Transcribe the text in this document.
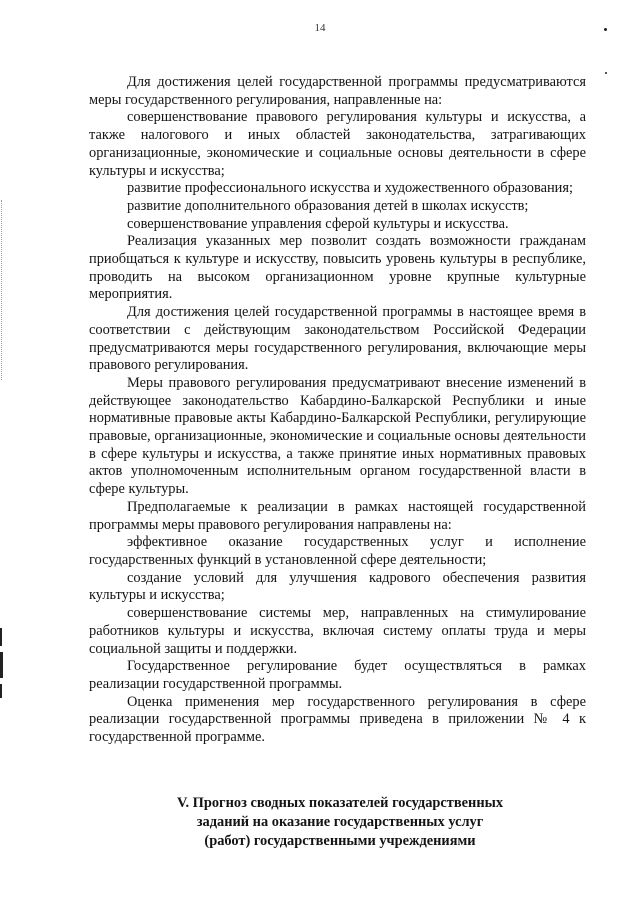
14

Для достижения целей государственной программы предусматриваются меры государственного регулирования, направленные на:

совершенствование правового регулирования культуры и искусства, а также налогового и иных областей законодательства, затрагивающих организационные, экономические и социальные основы деятельности в сфере культуры и искусства;

развитие профессионального искусства и художественного образования;

развитие дополнительного образования детей в школах искусств;

совершенствование управления сферой культуры и искусства.

Реализация указанных мер позволит создать возможности гражданам приобщаться к культуре и искусству, повысить уровень культуры в республике, проводить на высоком организационном уровне крупные культурные мероприятия.

Для достижения целей государственной программы в настоящее время в соответствии с действующим законодательством Российской Федерации предусматриваются меры государственного регулирования, включающие меры правового регулирования.

Меры правового регулирования предусматривают внесение изменений в действующее законодательство Кабардино-Балкарской Республики и иные нормативные правовые акты Кабардино-Балкарской Республики, регулирующие правовые, организационные, экономические и социальные основы деятельности в сфере культуры и искусства, а также принятие иных нормативных правовых актов уполномоченным исполнительным органом государственной власти в сфере культуры.

Предполагаемые к реализации в рамках настоящей государственной программы меры правового регулирования направлены на:

эффективное оказание государственных услуг и исполнение государственных функций в установленной сфере деятельности;

создание условий для улучшения кадрового обеспечения развития культуры и искусства;

совершенствование системы мер, направленных на стимулирование работников культуры и искусства, включая систему оплаты труда и меры социальной защиты и поддержки.

Государственное регулирование будет осуществляться в рамках реализации государственной программы.

Оценка применения мер государственного регулирования в сфере реализации государственной программы приведена в приложении № 4 к государственной программе.

V. Прогноз сводных показателей государственных
заданий на оказание государственных услуг
(работ) государственными учреждениями
